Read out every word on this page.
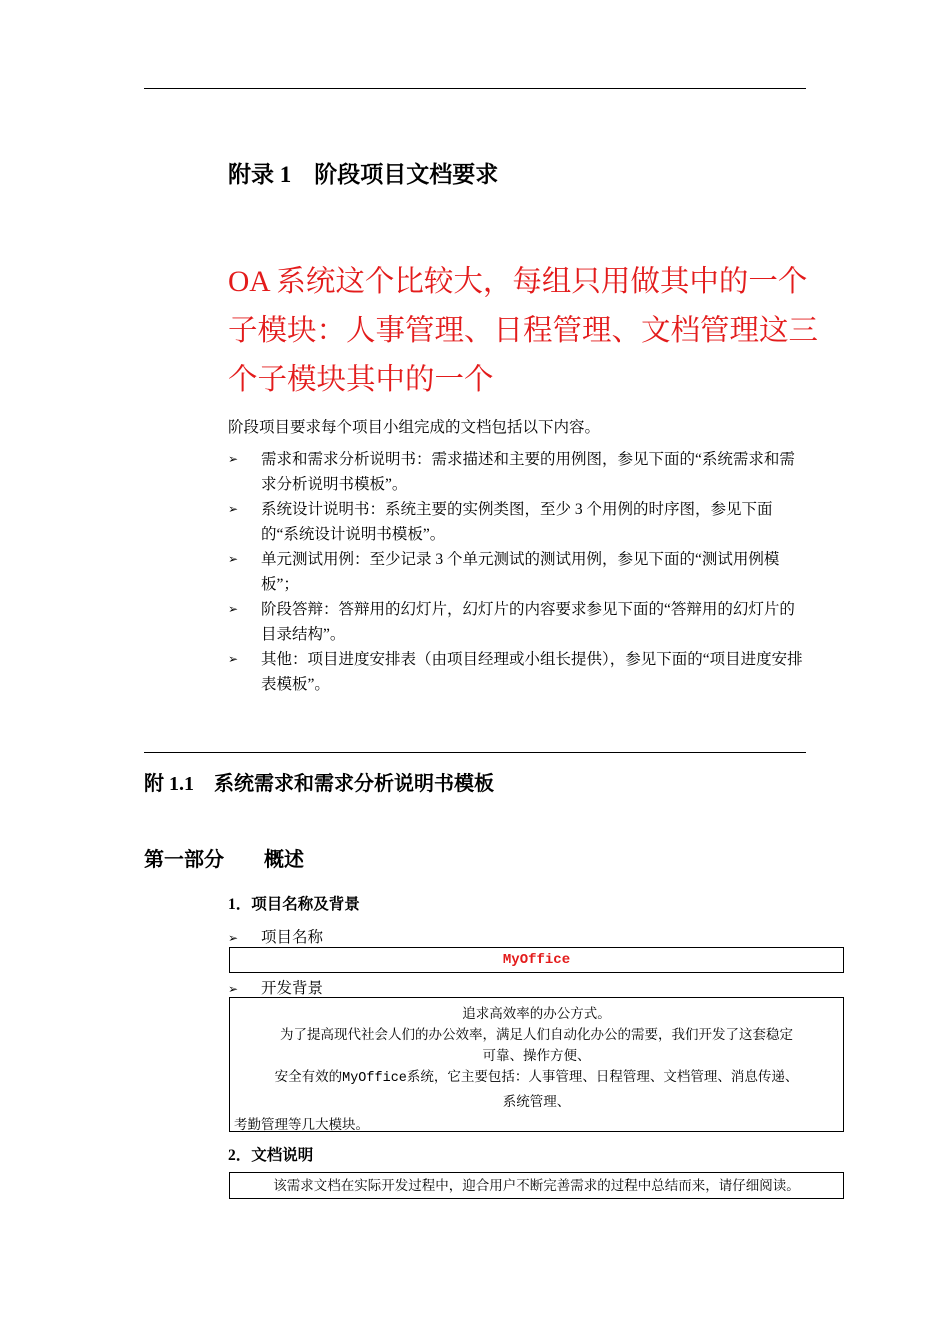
附录 1　阶段项目文档要求
OA 系统这个比较大，每组只用做其中的一个子模块：人事管理、日程管理、文档管理这三个子模块其中的一个
阶段项目要求每个项目小组完成的文档包括以下内容。
➢ 需求和需求分析说明书：需求描述和主要的用例图，参见下面的“系统需求和需求分析说明书模板”。
➢ 系统设计说明书：系统主要的实例类图，至少 3 个用例的时序图，参见下面的“系统设计说明书模板”。
➢ 单元测试用例：至少记录 3 个单元测试的测试用例，参见下面的“测试用例模板”；
➢ 阶段答辩：答辩用的幻灯片，幻灯片的内容要求参见下面的“答辩用的幻灯片的目录结构”。
➢ 其他：项目进度安排表（由项目经理或小组长提供），参见下面的“项目进度安排表模板”。
附 1.1　系统需求和需求分析说明书模板
第一部分　　概述
1．项目名称及背景
➢ 项目名称
MyOffice
➢ 开发背景
追求高效率的办公方式。
为了提高现代社会人们的办公效率，满足人们自动化办公的需要，我们开发了这套稳定
可靠、操作方便、
安全有效的MyOffice系统，它主要包括：人事管理、日程管理、文档管理、消息传递、
系统管理、
考勤管理等几大模块。
2．文档说明
该需求文档在实际开发过程中，迎合用户不断完善需求的过程中总结而来，请仔细阅读。
